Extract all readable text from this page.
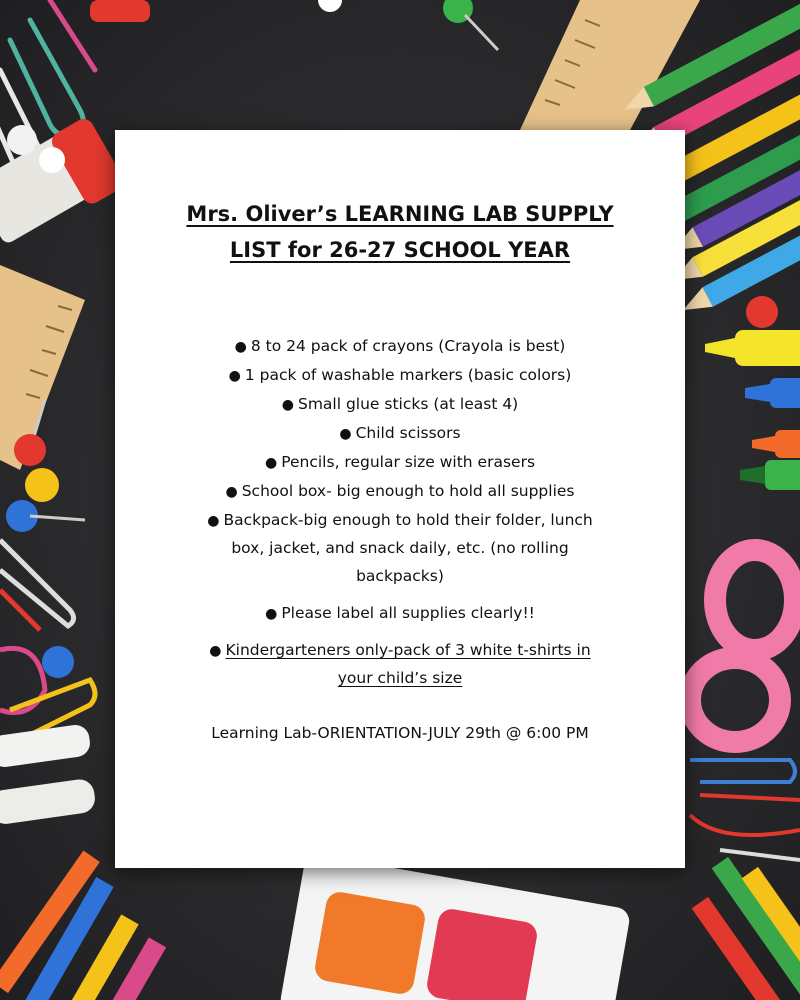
Mrs. Oliver’s LEARNING LAB SUPPLY
LIST for 26-27 SCHOOL YEAR
● 8 to 24 pack of crayons (Crayola is best)
● 1 pack of washable markers (basic colors)
● Small glue sticks (at least 4)
● Child scissors
● Pencils, regular size with erasers
● School box- big enough to hold all supplies
● Backpack-big enough to hold their folder, lunch
box, jacket, and snack daily, etc. (no rolling
backpacks)
● Please label all supplies clearly!!
● Kindergarteners only-pack of 3 white t-shirts in
your child’s size
Learning Lab-ORIENTATION-JULY 29th @ 6:00 PM
